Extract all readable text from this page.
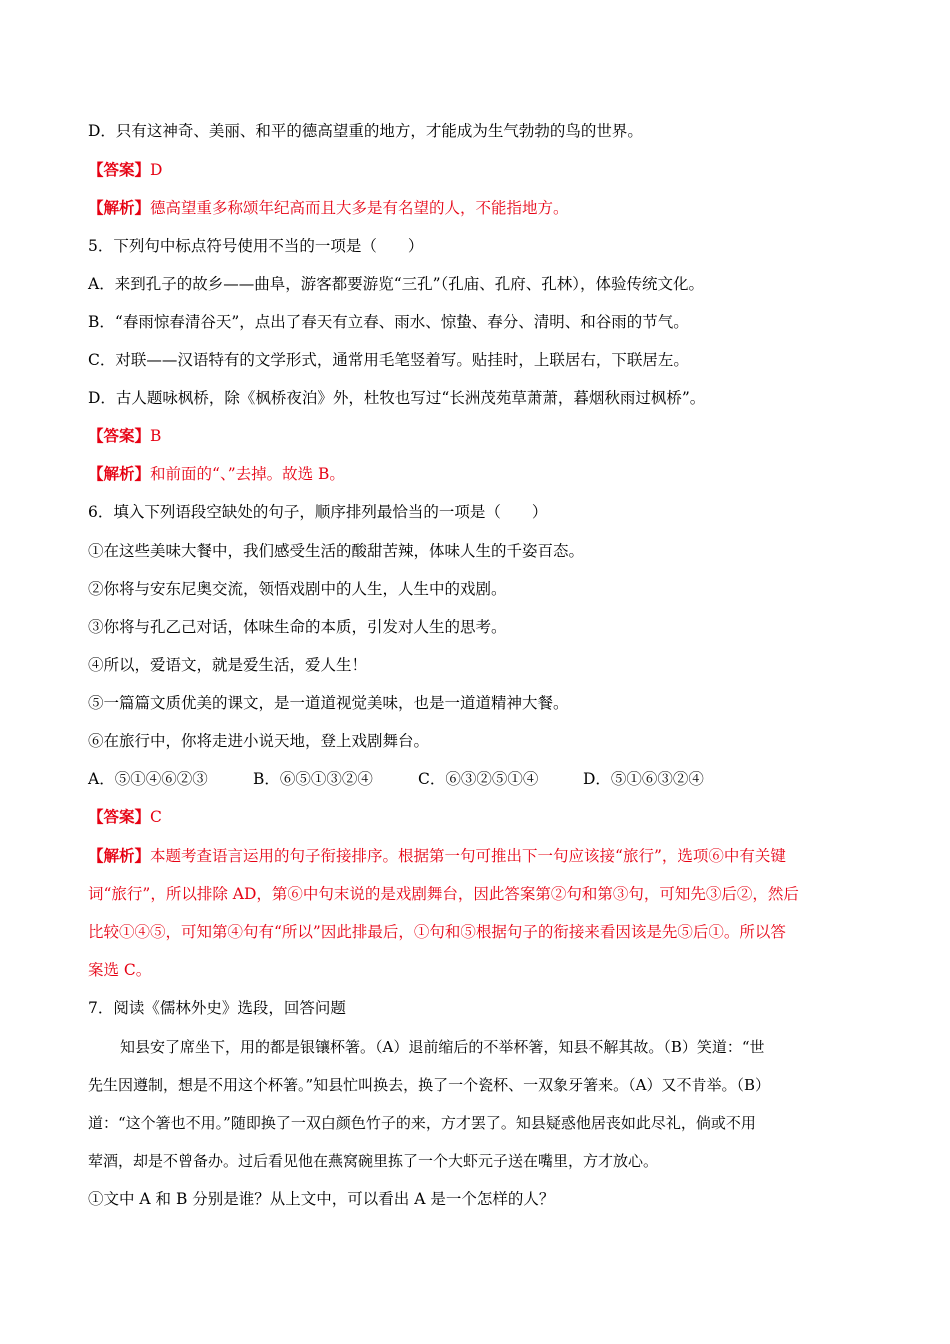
D．只有这神奇、美丽、和平的德高望重的地方，才能成为生气勃勃的鸟的世界。
【答案】D
【解析】德高望重多称颂年纪高而且大多是有名望的人，不能指地方。
5．下列句中标点符号使用不当的一项是（　　）
A．来到孔子的故乡——曲阜，游客都要游览“三孔”（孔庙、孔府、孔林），体验传统文化。
B．“春雨惊春清谷天”，点出了春天有立春、雨水、惊蛰、春分、清明、和谷雨的节气。
C．对联——汉语特有的文学形式，通常用毛笔竖着写。贴挂时，上联居右，下联居左。
D．古人题咏枫桥，除《枫桥夜泊》外，杜牧也写过“长洲茂苑草萧萧，暮烟秋雨过枫桥”。
【答案】B
【解析】和前面的“、”去掉。故选 B。
6．填入下列语段空缺处的句子，顺序排列最恰当的一项是（　　）
①在这些美味大餐中，我们感受生活的酸甜苦辣，体味人生的千姿百态。
②你将与安东尼奥交流，领悟戏剧中的人生，人生中的戏剧。
③你将与孔乙己对话，体味生命的本质，引发对人生的思考。
④所以，爱语文，就是爱生活，爱人生！
⑤一篇篇文质优美的课文，是一道道视觉美味，也是一道道精神大餐。
⑥在旅行中，你将走进小说天地，登上戏剧舞台。
A．⑤①④⑥②③	B．⑥⑤①③②④	C．⑥③②⑤①④	D．⑤①⑥③②④
【答案】C
【解析】本题考查语言运用的句子衔接排序。根据第一句可推出下一句应该接“旅行”，选项⑥中有关键
词“旅行”，所以排除 AD，第⑥中句末说的是戏剧舞台，因此答案第②句和第③句，可知先③后②，然后
比较①④⑤，可知第④句有“所以”因此排最后，①句和⑤根据句子的衔接来看因该是先⑤后①。所以答
案选 C。
7．阅读《儒林外史》选段，回答问题
知县安了席坐下，用的都是银镶杯箸。（A）退前缩后的不举杯箸，知县不解其故。（B）笑道：“世
先生因遵制，想是不用这个杯箸。”知县忙叫换去，换了一个瓷杯、一双象牙箸来。（A）又不肯举。（B）
道：“这个箸也不用。”随即换了一双白颜色竹子的来，方才罢了。知县疑惑他居丧如此尽礼，倘或不用
荤酒，却是不曾备办。过后看见他在燕窝碗里拣了一个大虾元子送在嘴里，方才放心。
①文中 A 和 B 分别是谁？从上文中，可以看出 A 是一个怎样的人？
